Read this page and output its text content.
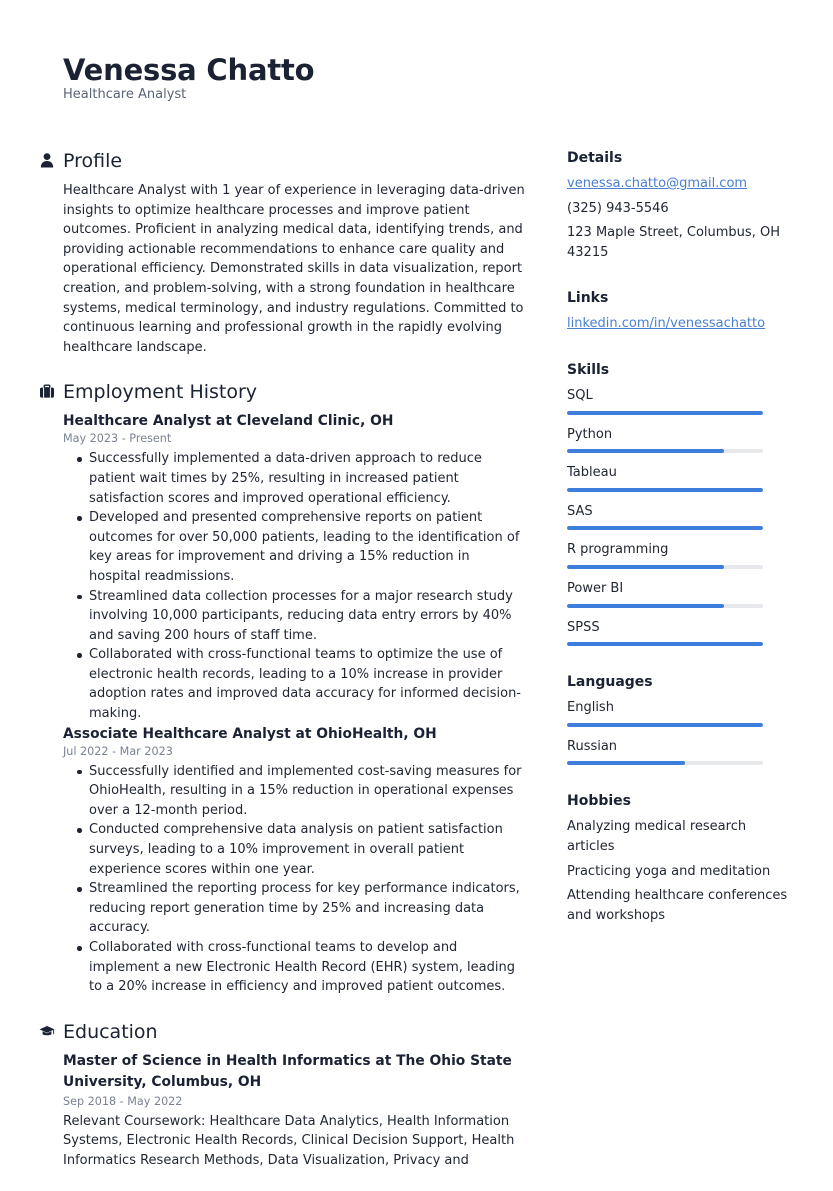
Venessa Chatto
Healthcare Analyst
Profile
Healthcare Analyst with 1 year of experience in leveraging data-driven insights to optimize healthcare processes and improve patient outcomes. Proficient in analyzing medical data, identifying trends, and providing actionable recommendations to enhance care quality and operational efficiency. Demonstrated skills in data visualization, report creation, and problem-solving, with a strong foundation in healthcare systems, medical terminology, and industry regulations. Committed to continuous learning and professional growth in the rapidly evolving healthcare landscape.
Employment History
Healthcare Analyst at Cleveland Clinic, OH
May 2023 - Present
Successfully implemented a data-driven approach to reduce patient wait times by 25%, resulting in increased patient satisfaction scores and improved operational efficiency.
Developed and presented comprehensive reports on patient outcomes for over 50,000 patients, leading to the identification of key areas for improvement and driving a 15% reduction in hospital readmissions.
Streamlined data collection processes for a major research study involving 10,000 participants, reducing data entry errors by 40% and saving 200 hours of staff time.
Collaborated with cross-functional teams to optimize the use of electronic health records, leading to a 10% increase in provider adoption rates and improved data accuracy for informed decision-making.
Associate Healthcare Analyst at OhioHealth, OH
Jul 2022 - Mar 2023
Successfully identified and implemented cost-saving measures for OhioHealth, resulting in a 15% reduction in operational expenses over a 12-month period.
Conducted comprehensive data analysis on patient satisfaction surveys, leading to a 10% improvement in overall patient experience scores within one year.
Streamlined the reporting process for key performance indicators, reducing report generation time by 25% and increasing data accuracy.
Collaborated with cross-functional teams to develop and implement a new Electronic Health Record (EHR) system, leading to a 20% increase in efficiency and improved patient outcomes.
Education
Master of Science in Health Informatics at The Ohio State University, Columbus, OH
Sep 2018 - May 2022
Relevant Coursework: Healthcare Data Analytics, Health Information Systems, Electronic Health Records, Clinical Decision Support, Health Informatics Research Methods, Data Visualization, Privacy and
Details
venessa.chatto@gmail.com
(325) 943-5546
123 Maple Street, Columbus, OH 43215
Links
linkedin.com/in/venessachatto
Skills
SQL
Python
Tableau
SAS
R programming
Power BI
SPSS
Languages
English
Russian
Hobbies
Analyzing medical research articles
Practicing yoga and meditation
Attending healthcare conferences and workshops
